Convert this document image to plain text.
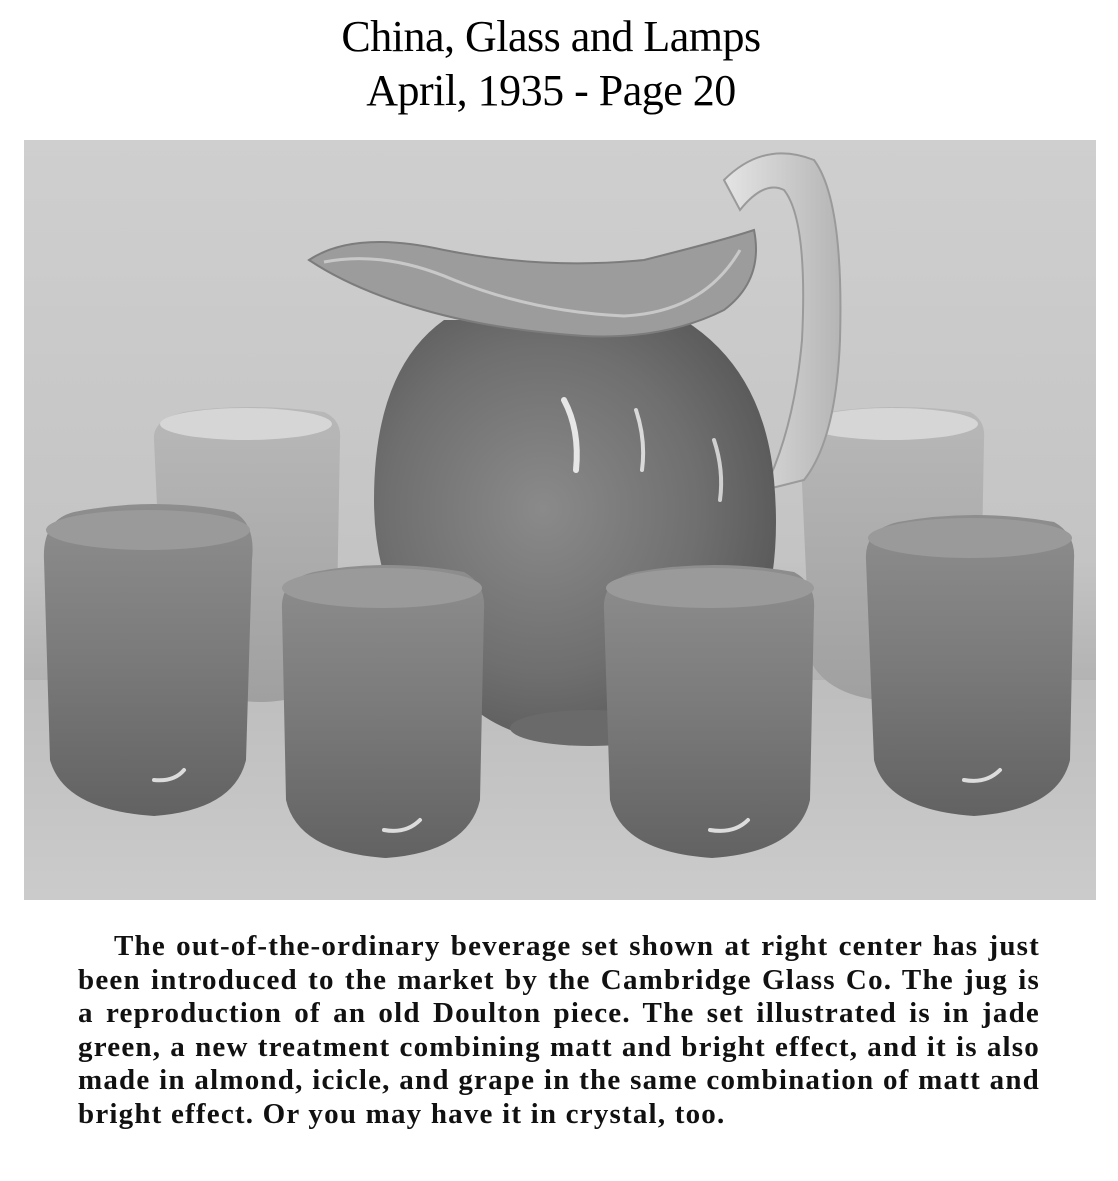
China, Glass and Lamps
April, 1935 - Page 20
The out-of-the-ordinary beverage set shown at right center has just been introduced to the market by the Cambridge Glass Co. The jug is a reproduction of an old Doulton piece. The set illustrated is in jade green, a new treatment combining matt and bright effect, and it is also made in almond, icicle, and grape in the same combination of matt and bright effect. Or you may have it in crystal, too.
